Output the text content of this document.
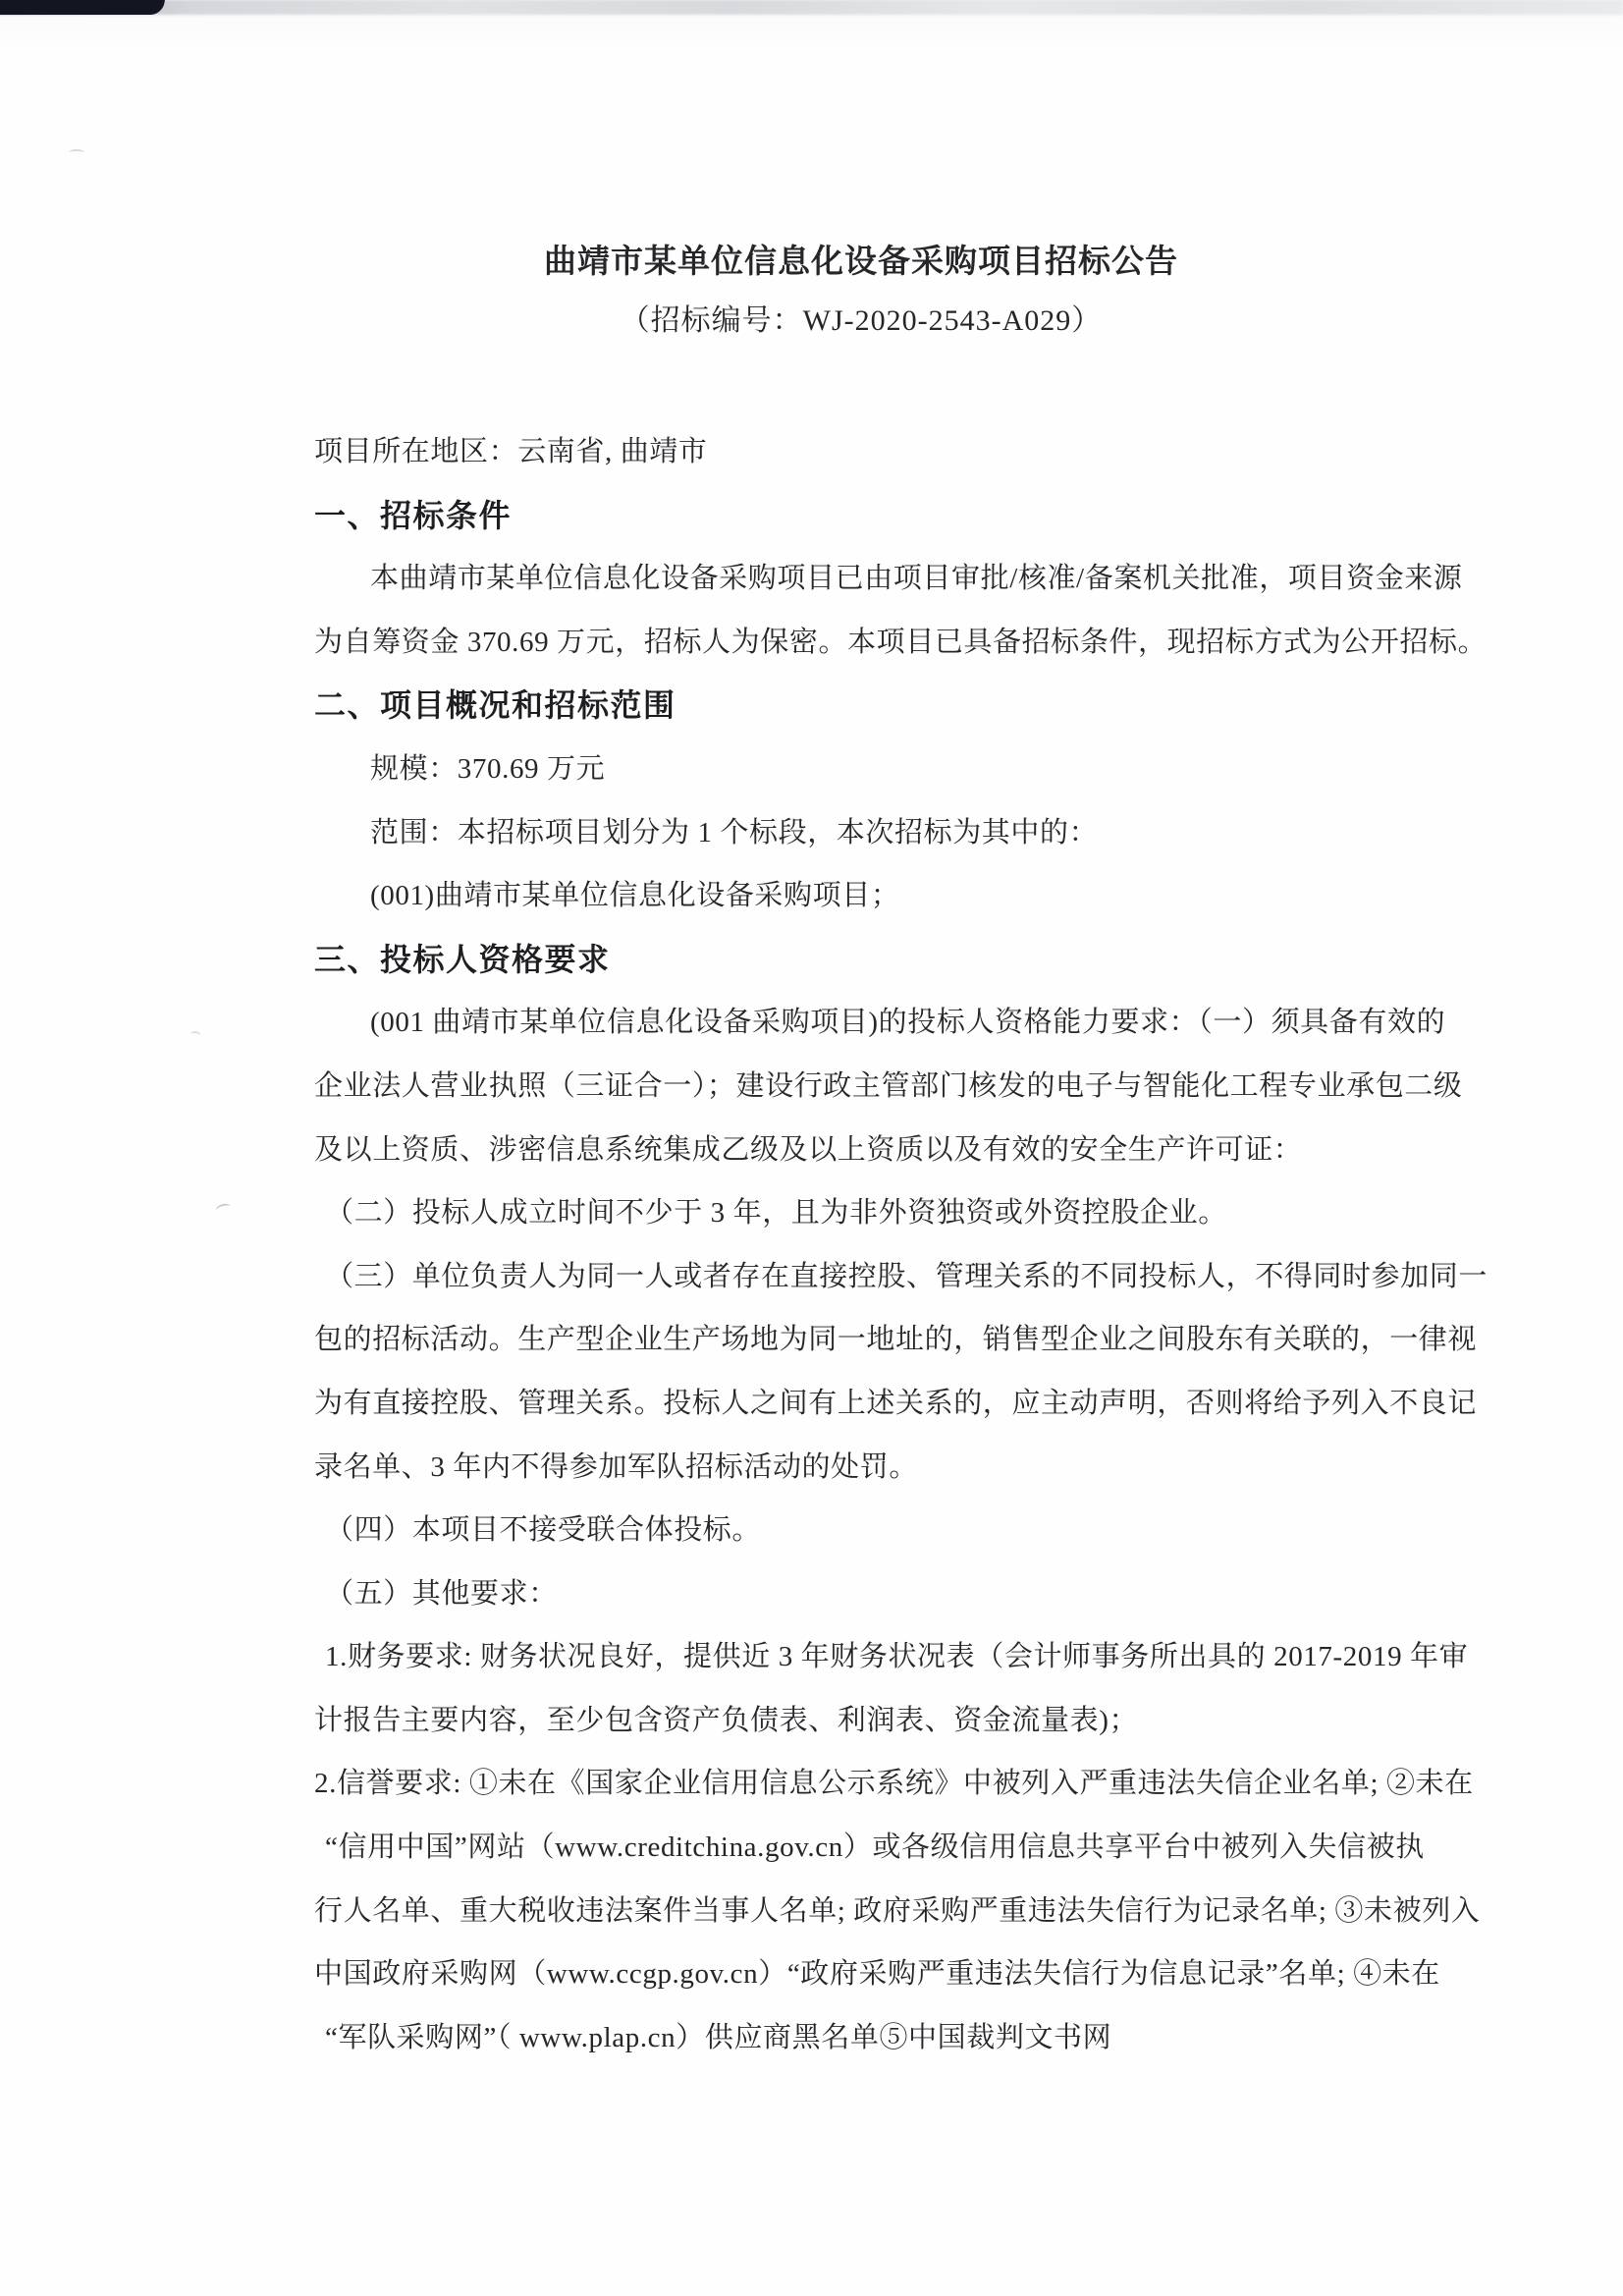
曲靖市某单位信息化设备采购项目招标公告
（招标编号：WJ-2020-2543-A029）
项目所在地区：云南省, 曲靖市
一、招标条件
本曲靖市某单位信息化设备采购项目已由项目审批/核准/备案机关批准，项目资金来源
为自筹资金 370.69 万元，招标人为保密。本项目已具备招标条件，现招标方式为公开招标。
二、项目概况和招标范围
规模：370.69 万元
范围：本招标项目划分为 1 个标段，本次招标为其中的：
(001)曲靖市某单位信息化设备采购项目；
三、投标人资格要求
(001 曲靖市某单位信息化设备采购项目)的投标人资格能力要求：（一）须具备有效的
企业法人营业执照（三证合一）；建设行政主管部门核发的电子与智能化工程专业承包二级
及以上资质、涉密信息系统集成乙级及以上资质以及有效的安全生产许可证：
（二）投标人成立时间不少于 3 年，且为非外资独资或外资控股企业。
（三）单位负责人为同一人或者存在直接控股、管理关系的不同投标人，不得同时参加同一
包的招标活动。生产型企业生产场地为同一地址的，销售型企业之间股东有关联的，一律视
为有直接控股、管理关系。投标人之间有上述关系的，应主动声明，否则将给予列入不良记
录名单、3 年内不得参加军队招标活动的处罚。
（四）本项目不接受联合体投标。
（五）其他要求：
1.财务要求: 财务状况良好，提供近 3 年财务状况表（会计师事务所出具的 2017-2019 年审
计报告主要内容，至少包含资产负债表、利润表、资金流量表)；
2.信誉要求: ①未在《国家企业信用信息公示系统》中被列入严重违法失信企业名单; ②未在
“信用中国”网站（www.creditchina.gov.cn）或各级信用信息共享平台中被列入失信被执
行人名单、重大税收违法案件当事人名单; 政府采购严重违法失信行为记录名单; ③未被列入
中国政府采购网（www.ccgp.gov.cn）“政府采购严重违法失信行为信息记录”名单; ④未在
“军队采购网”（ www.plap.cn）供应商黑名单⑤中国裁判文书网
